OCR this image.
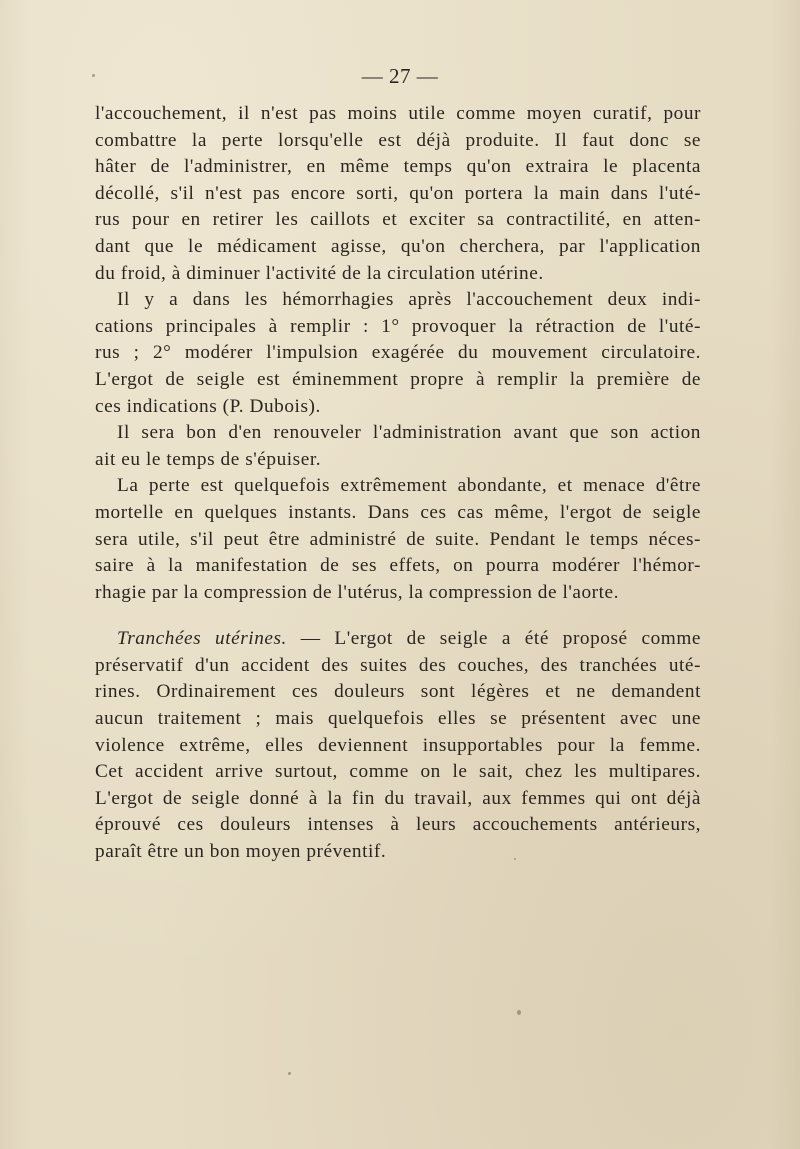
— 27 —

l'accouchement, il n'est pas moins utile comme moyen curatif, pour
combattre la perte lorsqu'elle est déjà produite. Il faut donc se
hâter de l'administrer, en même temps qu'on extraira le placenta
décollé, s'il n'est pas encore sorti, qu'on portera la main dans l'uté-
rus pour en retirer les caillots et exciter sa contractilité, en atten-
dant que le médicament agisse, qu'on cherchera, par l'application
du froid, à diminuer l'activité de la circulation utérine.

Il y a dans les hémorrhagies après l'accouchement deux indi-
cations principales à remplir : 1° provoquer la rétraction de l'uté-
rus ; 2° modérer l'impulsion exagérée du mouvement circulatoire.
L'ergot de seigle est éminemment propre à remplir la première de
ces indications (P. Dubois).

Il sera bon d'en renouveler l'administration avant que son action
ait eu le temps de s'épuiser.

La perte est quelquefois extrêmement abondante, et menace d'être
mortelle en quelques instants. Dans ces cas même, l'ergot de seigle
sera utile, s'il peut être administré de suite. Pendant le temps néces-
saire à la manifestation de ses effets, on pourra modérer l'hémor-
rhagie par la compression de l'utérus, la compression de l'aorte.

Tranchées utérines. — L'ergot de seigle a été proposé comme
préservatif d'un accident des suites des couches, des tranchées uté-
rines. Ordinairement ces douleurs sont légères et ne demandent
aucun traitement ; mais quelquefois elles se présentent avec une
violence extrême, elles deviennent insupportables pour la femme.
Cet accident arrive surtout, comme on le sait, chez les multipares.
L'ergot de seigle donné à la fin du travail, aux femmes qui ont déjà
éprouvé ces douleurs intenses à leurs accouchements antérieurs,
paraît être un bon moyen préventif.
